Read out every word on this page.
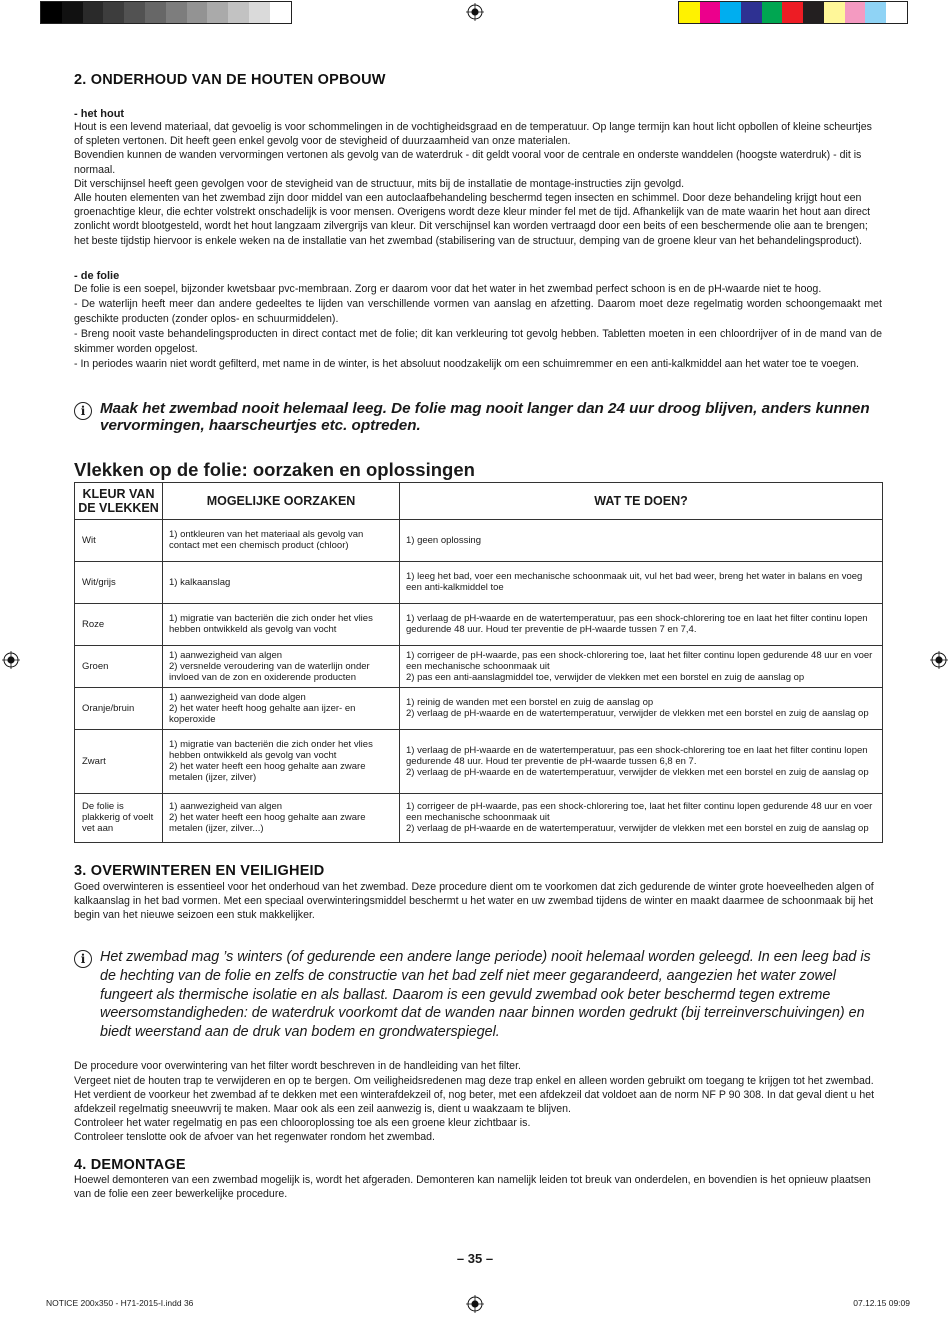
2. ONDERHOUD VAN DE HOUTEN OPBOUW
- het hout

Hout is een levend materiaal, dat gevoelig is voor schommelingen in de vochtigheidsgraad en de temperatuur. Op lange termijn kan hout licht opbollen of kleine scheurtjes of spleten vertonen. Dit heeft geen enkel gevolg voor de stevigheid of duurzaamheid van onze materialen.

Bovendien kunnen de wanden vervormingen vertonen als gevolg van de waterdruk - dit geldt vooral voor de centrale en onderste wanddelen (hoogste waterdruk) - dit is normaal.

Dit verschijnsel heeft geen gevolgen voor de stevigheid van de structuur, mits bij de installatie de montage-instructies zijn gevolgd.

Alle houten elementen van het zwembad zijn door middel van een autoclaafbehandeling beschermd tegen insecten en schimmel. Door deze behandeling krijgt hout een groenachtige kleur, die echter volstrekt onschadelijk is voor mensen. Overigens wordt deze kleur minder fel met de tijd. Afhankelijk van de mate waarin het hout aan direct zonlicht wordt blootgesteld, wordt het hout langzaam zilvergrijs van kleur. Dit verschijnsel kan worden vertraagd door een beits of een beschermende olie aan te brengen; het beste tijdstip hiervoor is enkele weken na de installatie van het zwembad (stabilisering van de structuur, demping van de groene kleur van het behandelingsproduct).

- de folie

De folie is een soepel, bijzonder kwetsbaar pvc-membraan. Zorg er daarom voor dat het water in het zwembad perfect schoon is en de pH-waarde niet te hoog.

- De waterlijn heeft meer dan andere gedeeltes te lijden van verschillende vormen van aanslag en afzetting. Daarom moet deze regelmatig worden schoongemaakt met geschikte producten (zonder oplos- en schuurmiddelen).

- Breng nooit vaste behandelingsproducten in direct contact met de folie; dit kan verkleuring tot gevolg hebben. Tabletten moeten in een chloordrijver of in de mand van de skimmer worden opgelost.

- In periodes waarin niet wordt gefilterd, met name in de winter, is het absoluut noodzakelijk om een schuimremmer en een anti-kalkmiddel aan het water toe te voegen.

i Maak het zwembad nooit helemaal leeg. De folie mag nooit langer dan 24 uur droog blijven, anders kunnen vervormingen, haarscheurtjes etc. optreden.

Vlekken op de folie: oorzaken en oplossingen
KLEUR VAN DE VLEKKEN	MOGELIJKE OORZAKEN	WAT TE DOEN?
Wit	1) ontkleuren van het materiaal als gevolg van contact met een chemisch product (chloor)	1) geen oplossing

Wit/grijs	1) kalkaanslag	1) leeg het bad, voer een mechanische schoonmaak uit, vul het bad weer, breng het water in balans en voeg een anti-kalkmiddel toe

Roze	1) migratie van bacteriën die zich onder het vlies hebben ontwikkeld als gevolg van vocht	1) verlaag de pH-waarde en de watertemperatuur, pas een shock-chlorering toe en laat het filter continu lopen gedurende 48 uur. Houd ter preventie de pH-waarde tussen 7 en 7,4.

Groen	1) aanwezigheid van algen
2) versnelde veroudering van de waterlijn onder invloed van de zon en oxiderende producten	1) corrigeer de pH-waarde, pas een shock-chlorering toe, laat het filter continu lopen gedurende 48 uur en voer een mechanische schoonmaak uit
2) pas een anti-aanslagmiddel toe, verwijder de vlekken met een borstel en zuig de aanslag op

Oranje/bruin	1) aanwezigheid van dode algen
2) het water heeft hoog gehalte aan ijzer- en koperoxide	1) reinig de wanden met een borstel en zuig de aanslag op
2) verlaag de pH-waarde en de watertemperatuur, verwijder de vlekken met een borstel en zuig de aanslag op

Zwart	1) migratie van bacteriën die zich onder het vlies hebben ontwikkeld als gevolg van vocht
2) het water heeft een hoog gehalte aan zware metalen (ijzer, zilver)	1) verlaag de pH-waarde en de watertemperatuur, pas een shock-chlorering toe en laat het filter continu lopen gedurende 48 uur. Houd ter preventie de pH-waarde tussen 6,8 en 7.
2) verlaag de pH-waarde en de watertemperatuur, verwijder de vlekken met een borstel en zuig de aanslag op

De folie is plakkerig of voelt vet aan	1) aanwezigheid van algen
2) het water heeft een hoog gehalte aan zware metalen (ijzer, zilver...)	1) corrigeer de pH-waarde, pas een shock-chlorering toe, laat het filter continu lopen gedurende 48 uur en voer een mechanische schoonmaak uit
2) verlaag de pH-waarde en de watertemperatuur, verwijder de vlekken met een borstel en zuig de aanslag op
3. OVERWINTEREN EN VEILIGHEID

Goed overwinteren is essentieel voor het onderhoud van het zwembad. Deze procedure dient om te voorkomen dat zich gedurende de winter grote hoeveelheden algen of kalkaanslag in het bad vormen. Met een speciaal overwinteringsmiddel beschermt u het water en uw zwembad tijdens de winter en maakt daarmee de schoonmaak bij het begin van het nieuwe seizoen een stuk makkelijker.

i	Het zwembad mag ’s winters (of gedurende een andere lange periode) nooit helemaal worden geleegd. In een leeg bad is de hechting van de folie en zelfs de constructie van het bad zelf niet meer gegarandeerd, aangezien het water zowel fungeert als thermische isolatie en als ballast. Daarom is een gevuld zwembad ook beter beschermd tegen extreme weersomstandigheden: de waterdruk voorkomt dat de wanden naar binnen worden gedrukt (bij terreinverschuivingen) en biedt weerstand aan de druk van bodem en grondwaterspiegel.

De procedure voor overwintering van het filter wordt beschreven in de handleiding van het filter.

Vergeet niet de houten trap te verwijderen en op te bergen. Om veiligheidsredenen mag deze trap enkel en alleen worden gebruikt om toegang te krijgen tot het zwembad. Het verdient de voorkeur het zwembad af te dekken met een winterafdekzeil of, nog beter, met een afdekzeil dat voldoet aan de norm NF P 90 308. In dat geval dient u het afdekzeil regelmatig sneeuwvrij te maken. Maar ook als een zeil aanwezig is, dient u waakzaam te blijven.

Controleer het water regelmatig en pas een chlooroplossing toe als een groene kleur zichtbaar is.

Controleer tenslotte ook de afvoer van het regenwater rondom het zwembad.

4. DEMONTAGE

Hoewel demonteren van een zwembad mogelijk is, wordt het afgeraden. Demonteren kan namelijk leiden tot breuk van onderdelen, en bovendien is het opnieuw plaatsen van de folie een zeer bewerkelijke procedure.

– 35 –
NOTICE 200x350 - H71-2015-I.indd 36	07.12.15 09:09
